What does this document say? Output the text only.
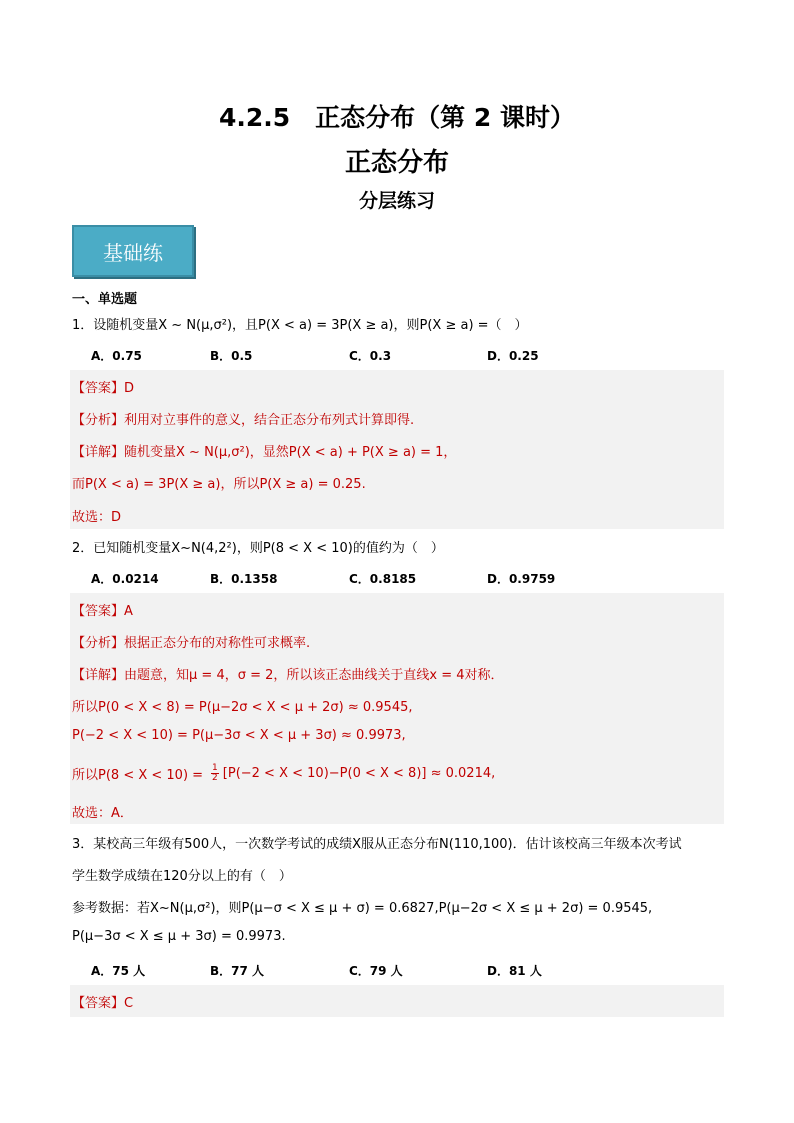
4.2.5　正态分布（第 2 课时）
正态分布
分层练习
基础练
一、单选题
1．设随机变量X ~ N(μ,σ²)，且P(X < a) = 3P(X ≥ a)，则P(X ≥ a) =（　）
A．0.75	B．0.5	C．0.3	D．0.25
【答案】D
【分析】利用对立事件的意义，结合正态分布列式计算即得.
【详解】随机变量X ~ N(μ,σ²)，显然P(X < a) + P(X ≥ a) = 1，
而P(X < a) = 3P(X ≥ a)，所以P(X ≥ a) = 0.25.
故选：D
2．已知随机变量X~N(4,2²)，则P(8 < X < 10)的值约为（　）
A．0.0214	B．0.1358	C．0.8185	D．0.9759
【答案】A
【分析】根据正态分布的对称性可求概率.
【详解】由题意，知μ = 4，σ = 2，所以该正态曲线关于直线x = 4对称．
所以P(0 < X < 8) = P(μ−2σ < X < μ + 2σ) ≈ 0.9545,
P(−2 < X < 10) = P(μ−3σ < X < μ + 3σ) ≈ 0.9973,
所以$P(8 < X < 10) = \frac{1}{2} [P(-2 < X < 10)-P(0 < X < 8)] \approx 0.0214$,
故选：A．
3．某校高三年级有500人，一次数学考试的成绩X服从正态分布N(110,100)．估计该校高三年级本次考试
学生数学成绩在120分以上的有（　）
参考数据：若X~N(μ,σ²)，则P(μ−σ < X ≤ μ + σ) = 0.6827,P(μ−2σ < X ≤ μ + 2σ) = 0.9545,
P(μ−3σ < X ≤ μ + 3σ) = 0.9973.
A．75 人	B．77 人	C．79 人	D．81 人
【答案】C
